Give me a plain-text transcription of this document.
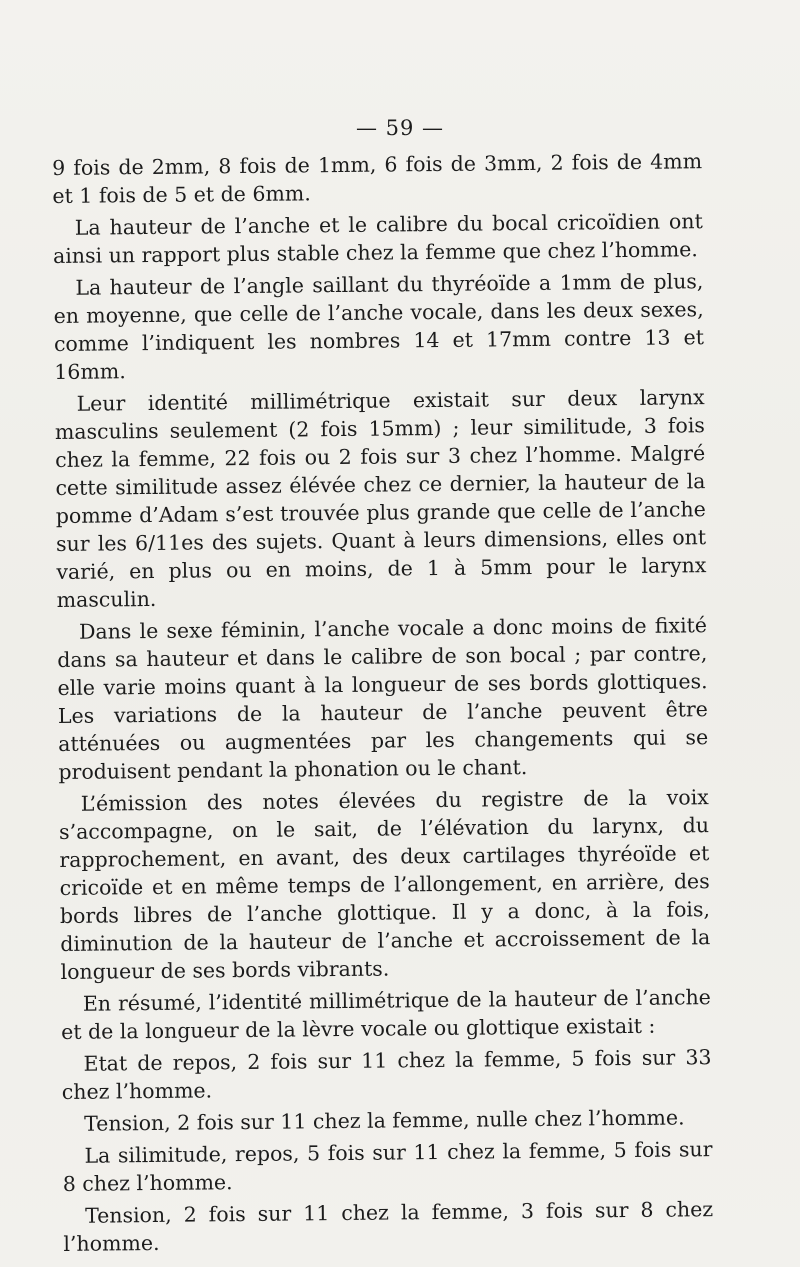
— 59 —

9 fois de 2mm, 8 fois de 1mm, 6 fois de 3mm, 2 fois de 4mm et 1 fois de 5 et de 6mm.

La hauteur de l’anche et le calibre du bocal cricoïdien ont ainsi un rapport plus stable chez la femme que chez l’homme.

La hauteur de l’angle saillant du thyréoïde a 1mm de plus, en moyenne, que celle de l’anche vocale, dans les deux sexes, comme l’indiquent les nombres 14 et 17mm contre 13 et 16mm.

Leur identité millimétrique existait sur deux larynx masculins seulement (2 fois 15mm) ; leur similitude, 3 fois chez la femme, 22 fois ou 2 fois sur 3 chez l’homme. Malgré cette similitude assez élévée chez ce dernier, la hauteur de la pomme d’Adam s’est trouvée plus grande que celle de l’anche sur les 6/11es des sujets. Quant à leurs dimensions, elles ont varié, en plus ou en moins, de 1 à 5mm pour le larynx masculin.

Dans le sexe féminin, l’anche vocale a donc moins de fixité dans sa hauteur et dans le calibre de son bocal ; par contre, elle varie moins quant à la longueur de ses bords glottiques. Les variations de la hauteur de l’anche peuvent être atténuées ou augmentées par les changements qui se produisent pendant la phonation ou le chant.

L’émission des notes élevées du registre de la voix s’accompagne, on le sait, de l’élévation du larynx, du rapprochement, en avant, des deux cartilages thyréoïde et cricoïde et en même temps de l’allongement, en arrière, des bords libres de l’anche glottique. Il y a donc, à la fois, diminution de la hauteur de l’anche et accroissement de la longueur de ses bords vibrants.

En résumé, l’identité millimétrique de la hauteur de l’anche et de la longueur de la lèvre vocale ou glottique existait :

Etat de repos, 2 fois sur 11 chez la femme, 5 fois sur 33 chez l’homme.

Tension, 2 fois sur 11 chez la femme, nulle chez l’homme.

La silimitude, repos, 5 fois sur 11 chez la femme, 5 fois sur 8 chez l’homme.

Tension, 2 fois sur 11 chez la femme, 3 fois sur 8 chez l’homme.
